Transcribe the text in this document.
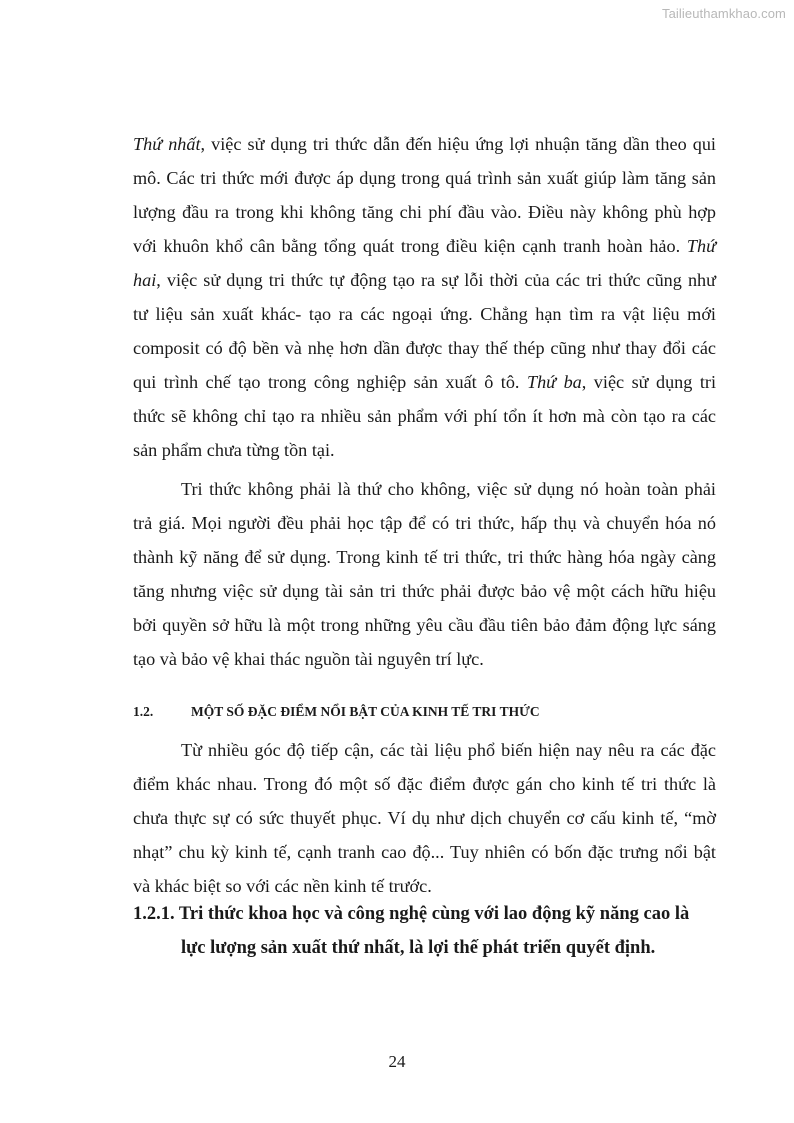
Tailieuthamkhao.com
Thứ nhất, việc sử dụng tri thức dẫn đến hiệu ứng lợi nhuận tăng dần theo qui
mô. Các tri thức mới được áp dụng trong quá trình sản xuất giúp làm tăng sản
lượng đầu ra trong khi không tăng chi phí đầu vào. Điều này không phù hợp
với khuôn khổ cân bằng tổng quát trong điều kiện cạnh tranh hoàn hảo. Thứ
hai, việc sử dụng tri thức tự động tạo ra sự lỗi thời của các tri thức cũng như
tư liệu sản xuất khác- tạo ra các ngoại ứng. Chẳng hạn tìm ra vật liệu mới
composit có độ bền và nhẹ hơn dần được thay thế thép cũng như thay đổi các
qui trình chế tạo trong công nghiệp sản xuất ô tô. Thứ ba, việc sử dụng tri
thức sẽ không chỉ tạo ra nhiều sản phẩm với phí tổn ít hơn mà còn tạo ra các
sản phẩm chưa từng tồn tại.
Tri thức không phải là thứ cho không, việc sử dụng nó hoàn toàn phải
trả giá. Mọi người đều phải học tập để có tri thức, hấp thụ và chuyển hóa nó
thành kỹ năng để sử dụng. Trong kinh tế tri thức, tri thức hàng hóa ngày càng
tăng nhưng việc sử dụng tài sản tri thức phải được bảo vệ một cách hữu hiệu
bởi quyền sở hữu là một trong những yêu cầu đầu tiên bảo đảm động lực sáng
tạo và bảo vệ khai thác nguồn tài nguyên trí lực.
1.2.	MỘT SỐ ĐẶC ĐIỂM NỔI BẬT CỦA KINH TẾ TRI THỨC
Từ nhiều góc độ tiếp cận, các tài liệu phổ biến hiện nay nêu ra các đặc
điểm khác nhau. Trong đó một số đặc điểm được gán cho kinh tế tri thức là
chưa thực sự có sức thuyết phục. Ví dụ như dịch chuyển cơ cấu kinh tế, “mờ
nhạt” chu kỳ kinh tế, cạnh tranh cao độ... Tuy nhiên có bốn đặc trưng nổi bật
và khác biệt so với các nền kinh tế trước.
1.2.1. Tri thức khoa học và công nghệ cùng với lao động kỹ năng cao là
lực lượng sản xuất thứ nhất, là lợi thế phát triển quyết định.
24
